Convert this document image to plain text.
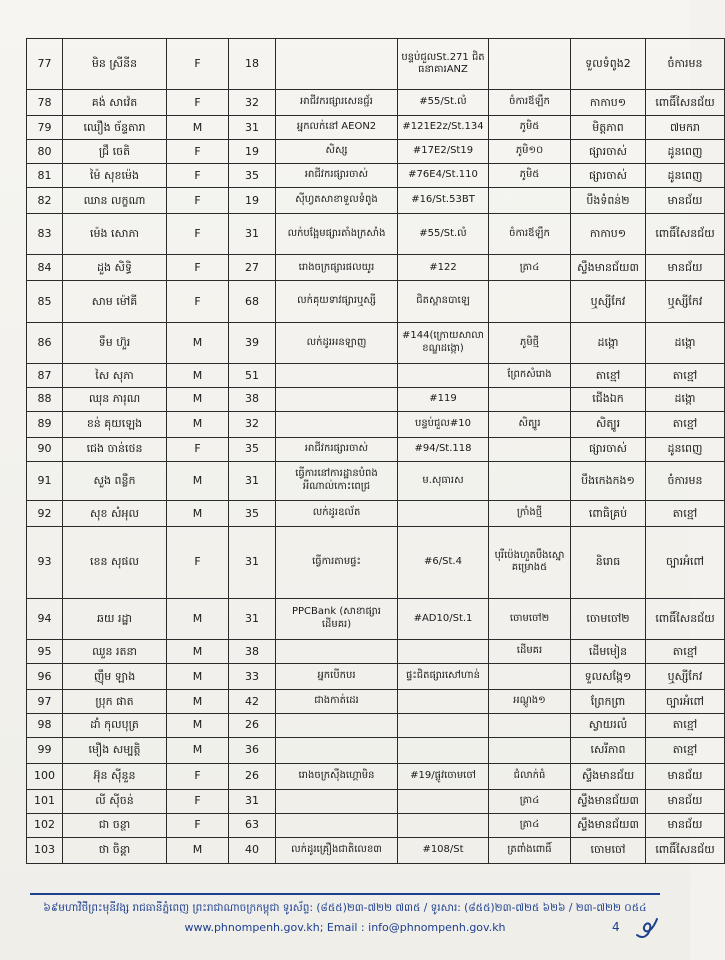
77	មិន ស្រីនីន	F	18		បន្ទប់ជួលSt.271 ជិតធនាគារANZ		ទួលទំពូង2	ចំការមន
78	គង់ សាវ៉េត	F	32	អាជីវករផ្សារសេនជ្ជ័រ	#55/St.លំ	ចំការឪឡឹក	កាកាប១	ពោធិ៍សែនជ័យ
79	ឈឿង ច័ន្ទតារា	M	31	អ្នកលក់នៅ AEON2	#121E2z/St.134	ភូមិ៥	មិត្តភាព	៧មករា
80	ជ្រឹ ចេតិ	F	19	សិស្ស	#17E2/St19	ភូមិ១០	ផ្សារចាស់	ដូនពេញ
81	ម៉ៃ សុខម៉េង	F	35	អាជីវករផ្សារចាស់	#76E4/St.110	ភូមិ៥	ផ្សារចាស់	ដូនពេញ
82	ឈាន លក្ខណា	F	19	ស៊ីហ្វតសាខាទួលទំពូង	#16/St.53BT		បឹងទំពន់២	មានជ័យ
83	ម៉េង សោភា	F	31	លក់បង្អែមផ្សារតាំងក្រសាំង	#55/St.លំ	ចំការឪឡឹក	កាកាប១	ពោធិ៍សែនជ័យ
84	ដួង សិទ្ធិ	F	27	រោងចក្រផ្សារផលយូរ	#122	ត្រា៤	ស្ទឹងមានជ័យ៣	មានជ័យ
85	សាម ម៉ៅគី	F	68	លក់គុយទាវផ្សារឬស្សី	ជិតស្ពានបាឡេ		ឬស្សីកែវ	ឬស្សីកែវ
86	ទឹម ហ៊ួរ	M	39	លក់ដូរអនឡាញ	#144(ក្រោយសាលាខណ្ឌដង្កោ)	ភូមិថ្មី	ដង្កោ	ដង្កោ
87	សៃ សុភា	M	51			ព្រែកសំរោង	តាខ្មៅ	តាខ្មៅ
88	ឈុន ភារុណ	M	38		#119		ជើងឯក	ដង្កោ
89	ខន់ គុយឡេង	M	32		បន្ទប់ជួល#10	សិត្បូរ	សិត្បូរ	តាខ្មៅ
90	ជេង ចាន់ថេន	F	35	អាជីវករផ្សារចាស់	#94/St.118		ផ្សារចាស់	ដូនពេញ
91	សួង ពន្លឺក	M	31	ធ្វើការនៅការដ្ឋានបំពងអីណាល់កោះពេជ្រ	ម.សុធារស		បឹងកេងកង១	ចំការមន
92	សុខ សំអុល	M	35	លក់ដូរឧល័ត		ក្រាំងថ្មី	ពោធិគ្រប់	តាខ្មៅ
93	ខេន សុផល	F	31	ធ្វើការតាមផ្ទះ	#6/St.4	បុរីប៉េងហួតបឹងស្នោគម្រោង៥	និរោធ	ច្បារអំពៅ
94	ឆយ រដ្ឋា	M	31	PPCBank (សាខាផ្សារដើមគរ)	#AD10/St.1	ចោមចៅ២	ចោមចៅ២	ពោធិ៍សែនជ័យ
95	ឈួន រតនា	M	38			ដើមគរ	ដើមមៀន	តាខ្មៅ
96	ញ៉ឹម ឡាង	M	33	អ្នកបើកបរ	ផ្ទះជិតផ្សារសៅហាន់		ទួលសង្កែ១	ឬស្សីកែវ
97	ប្រុក ផាត	M	42	ជាងកាត់ដេរ		អណ្តូង១	ព្រែកព្រា	ច្បារអំពៅ
98	ដាំ កុលបុត្រ	M	26				ស្វាយរលំ	តាខ្មៅ
99	មឿង សម្បត្តិ	M	36				សេរីភាព	តាខ្មៅ
100	អ៊ុន ស៊ីនួន	F	26	រោងចក្រស៊ឺងហ្គោមិន	#19/ផ្លូវចោមចៅ	ជំលាក់ធំ	ស្ទឹងមានជ័យ	មានជ័យ
101	លី ស៊ីចន់	F	31			ត្រា៤	ស្ទឹងមានជ័យ៣	មានជ័យ
102	ជា ចន្ថា	F	63			ត្រា៤	ស្ទឹងមានជ័យ៣	មានជ័យ
103	ថា ចិន្តា	M	40	លក់ដូរគ្រឿងជាតិលេខ៣	#108/St	ត្រពាំងពោធិ៍	ចោមចៅ	ពោធិ៍សែនជ័យ
៦៩មហាវិថីព្រះមុនីវង្ស រាជធានីភ្នំពេញ ព្រះរាជាណាចក្រកម្ពុជា ទូរស័ព្ទ: (៨៥៥)២៣-៧២២ ៧៣៥ / ទូរសារ: (៨៥៥)២៣-៧២៥ ៦២៦ / ២៣-៧២២ ០៥៤
www.phnompenh.gov.kh; Email : info@phnompenh.gov.kh	4
